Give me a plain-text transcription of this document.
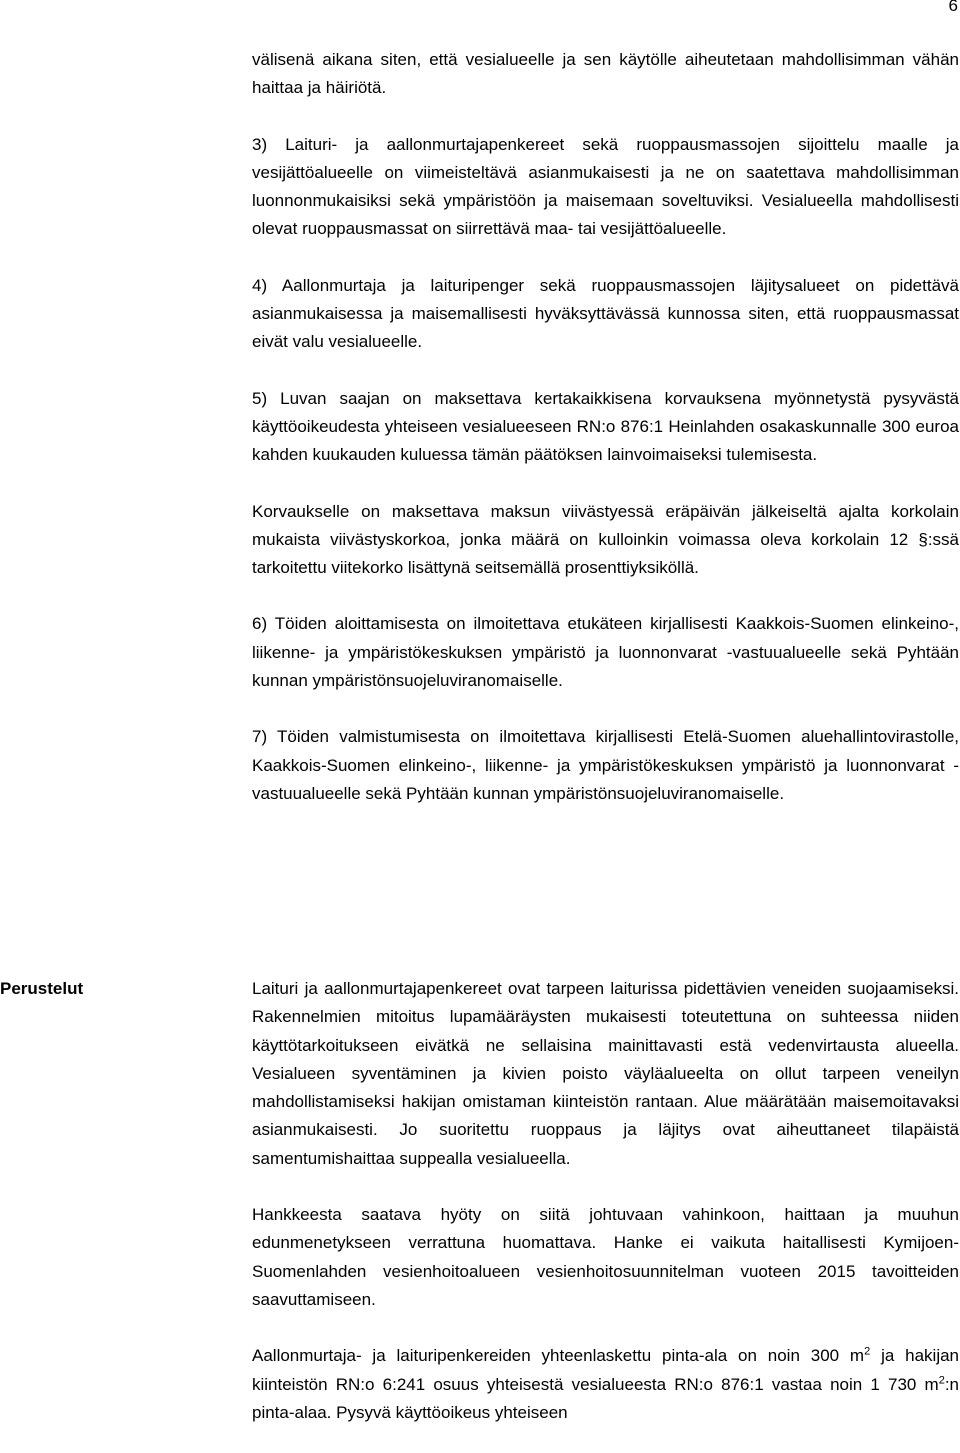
6

välisenä aikana siten, että vesialueelle ja sen käytölle aiheutetaan mahdollisimman vähän haittaa ja häiriötä.

3) Laituri- ja aallonmurtajapenkereet sekä ruoppausmassojen sijoittelu maalle ja vesijättöalueelle on viimeisteltävä asianmukaisesti ja ne on saatettava mahdollisimman luonnonmukaisiksi sekä ympäristöön ja maisemaan soveltuviksi. Vesialueella mahdollisesti olevat ruoppausmassat on siirrettävä maa- tai vesijättöalueelle.

4) Aallonmurtaja ja laituripenger sekä ruoppausmassojen läjitysalueet on pidettävä asianmukaisessa ja maisemallisesti hyväksyttävässä kunnossa siten, että ruoppausmassat eivät valu vesialueelle.

5) Luvan saajan on maksettava kertakaikkisena korvauksena myönnetystä pysyvästä käyttöoikeudesta yhteiseen vesialueeseen RN:o 876:1 Heinlahden osakaskunnalle 300 euroa kahden kuukauden kuluessa tämän päätöksen lainvoimaiseksi tulemisesta.

Korvaukselle on maksettava maksun viivästyessä eräpäivän jälkeiseltä ajalta korkolain mukaista viivästyskorkoa, jonka määrä on kulloinkin voimassa oleva korkolain 12 §:ssä tarkoitettu viitekorko lisättynä seitsemällä prosenttiyksiköllä.

6) Töiden aloittamisesta on ilmoitettava etukäteen kirjallisesti Kaakkois-Suomen elinkeino-, liikenne- ja ympäristökeskuksen ympäristö ja luonnonvarat -vastuualueelle sekä Pyhtään kunnan ympäristönsuojeluviranomaiselle.

7) Töiden valmistumisesta on ilmoitettava kirjallisesti Etelä-Suomen aluehallintovirastolle, Kaakkois-Suomen elinkeino-, liikenne- ja ympäristökeskuksen ympäristö ja luonnonvarat -vastuualueelle sekä Pyhtään kunnan ympäristönsuojeluviranomaiselle.

Perustelut	Laituri ja aallonmurtajapenkereet ovat tarpeen laiturissa pidettävien veneiden suojaamiseksi. Rakennelmien mitoitus lupamääräysten mukaisesti toteutettuna on suhteessa niiden käyttötarkoitukseen eivätkä ne sellaisina mainittavasti estä vedenvirtausta alueella. Vesialueen syventäminen ja kivien poisto väyläalueelta on ollut tarpeen veneilyn mahdollistamiseksi hakijan omistaman kiinteistön rantaan. Alue määrätään maisemoitavaksi asianmukaisesti. Jo suoritettu ruoppaus ja läjitys ovat aiheuttaneet tilapäistä samentumishaittaa suppealla vesialueella.

Hankkeesta saatava hyöty on siitä johtuvaan vahinkoon, haittaan ja muuhun edunmenetykseen verrattuna huomattava. Hanke ei vaikuta haitallisesti Kymijoen-Suomenlahden vesienhoitoalueen vesienhoitosuunnitelman vuoteen 2015 tavoitteiden saavuttamiseen.

Aallonmurtaja- ja laituripenkereiden yhteenlaskettu pinta-ala on noin 300 $m^2$ ja hakijan kiinteistön RN:o 6:241 osuus yhteisestä vesialueesta RN:o 876:1 vastaa noin 1 730 $m^2:n$ pinta-alaa. Pysyvä käyttöoikeus yhteiseen
